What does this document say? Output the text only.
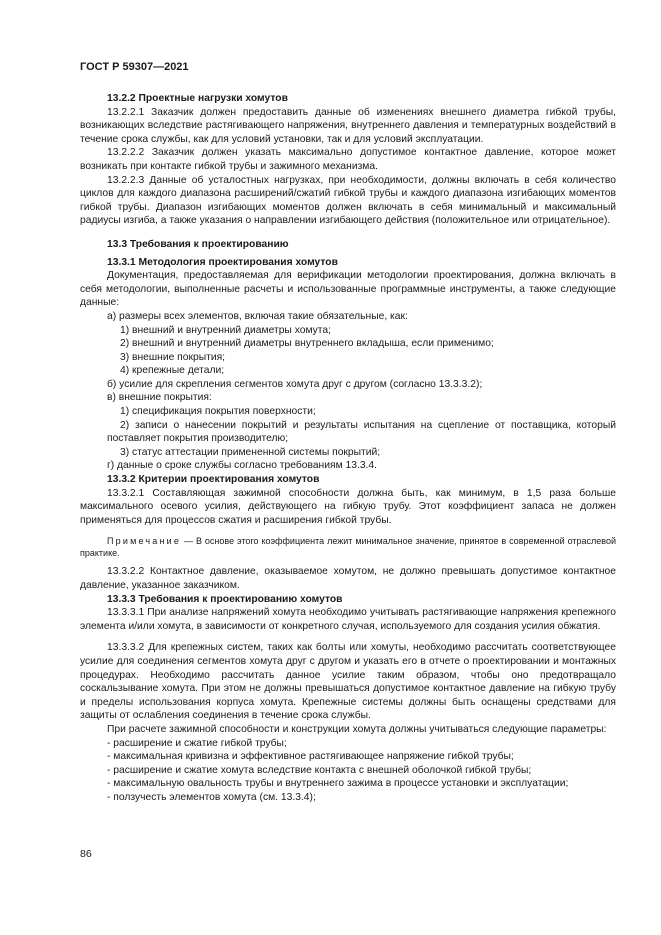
ГОСТ Р 59307—2021

13.2.2 Проектные нагрузки хомутов

13.2.2.1 Заказчик должен предоставить данные об изменениях внешнего диаметра гибкой трубы, возникающих вследствие растягивающего напряжения, внутреннего давления и температурных воздействий в течение срока службы, как для условий установки, так и для условий эксплуатации.

13.2.2.2 Заказчик должен указать максимально допустимое контактное давление, которое может возникать при контакте гибкой трубы и зажимного механизма.

13.2.2.3 Данные об усталостных нагрузках, при необходимости, должны включать в себя количество циклов для каждого диапазона расширений/сжатий гибкой трубы и каждого диапазона изгибающих моментов гибкой трубы. Диапазон изгибающих моментов должен включать в себя минимальный и максимальный радиусы изгиба, а также указания о направлении изгибающего действия (положительное или отрицательное).

13.3 Требования к проектированию

13.3.1 Методология проектирования хомутов

Документация, предоставляемая для верификации методологии проектирования, должна включать в себя методологии, выполненные расчеты и использованные программные инструменты, а также следующие данные:

а) размеры всех элементов, включая такие обязательные, как:

1) внешний и внутренний диаметры хомута;

2) внешний и внутренний диаметры внутреннего вкладыша, если применимо;

3) внешние покрытия;

4) крепежные детали;

б) усилие для скрепления сегментов хомута друг с другом (согласно 13.3.3.2);

в) внешние покрытия:

1) спецификация покрытия поверхности;

2) записи о нанесении покрытий и результаты испытания на сцепление от поставщика, который поставляет покрытия производителю;

3) статус аттестации примененной системы покрытий;

г) данные о сроке службы согласно требованиям 13.3.4.

13.3.2 Критерии проектирования хомутов

13.3.2.1 Составляющая зажимной способности должна быть, как минимум, в 1,5 раза больше максимального осевого усилия, действующего на гибкую трубу. Этот коэффициент запаса не должен применяться для процессов сжатия и расширения гибкой трубы.

Примечание — В основе этого коэффициента лежит минимальное значение, принятое в современной отраслевой практике.

13.3.2.2 Контактное давление, оказываемое хомутом, не должно превышать допустимое контактное давление, указанное заказчиком.

13.3.3 Требования к проектированию хомутов

13.3.3.1 При анализе напряжений хомута необходимо учитывать растягивающие напряжения крепежного элемента и/или хомута, в зависимости от конкретного случая, используемого для создания усилия обжатия.

13.3.3.2 Для крепежных систем, таких как болты или хомуты, необходимо рассчитать соответствующее усилие для соединения сегментов хомута друг с другом и указать его в отчете о проектировании и монтажных процедурах. Необходимо рассчитать данное усилие таким образом, чтобы оно предотвращало соскальзывание хомута. При этом не должны превышаться допустимое контактное давление на гибкую трубу и пределы использования корпуса хомута. Крепежные системы должны быть оснащены средствами для защиты от ослабления соединения в течение срока службы.

При расчете зажимной способности и конструкции хомута должны учитываться следующие параметры:

- расширение и сжатие гибкой трубы;

- максимальная кривизна и эффективное растягивающее напряжение гибкой трубы;

- расширение и сжатие хомута вследствие контакта с внешней оболочкой гибкой трубы;

- максимальную овальность трубы и внутреннего зажима в процессе установки и эксплуатации;

- ползучесть элементов хомута (см. 13.3.4);

86
